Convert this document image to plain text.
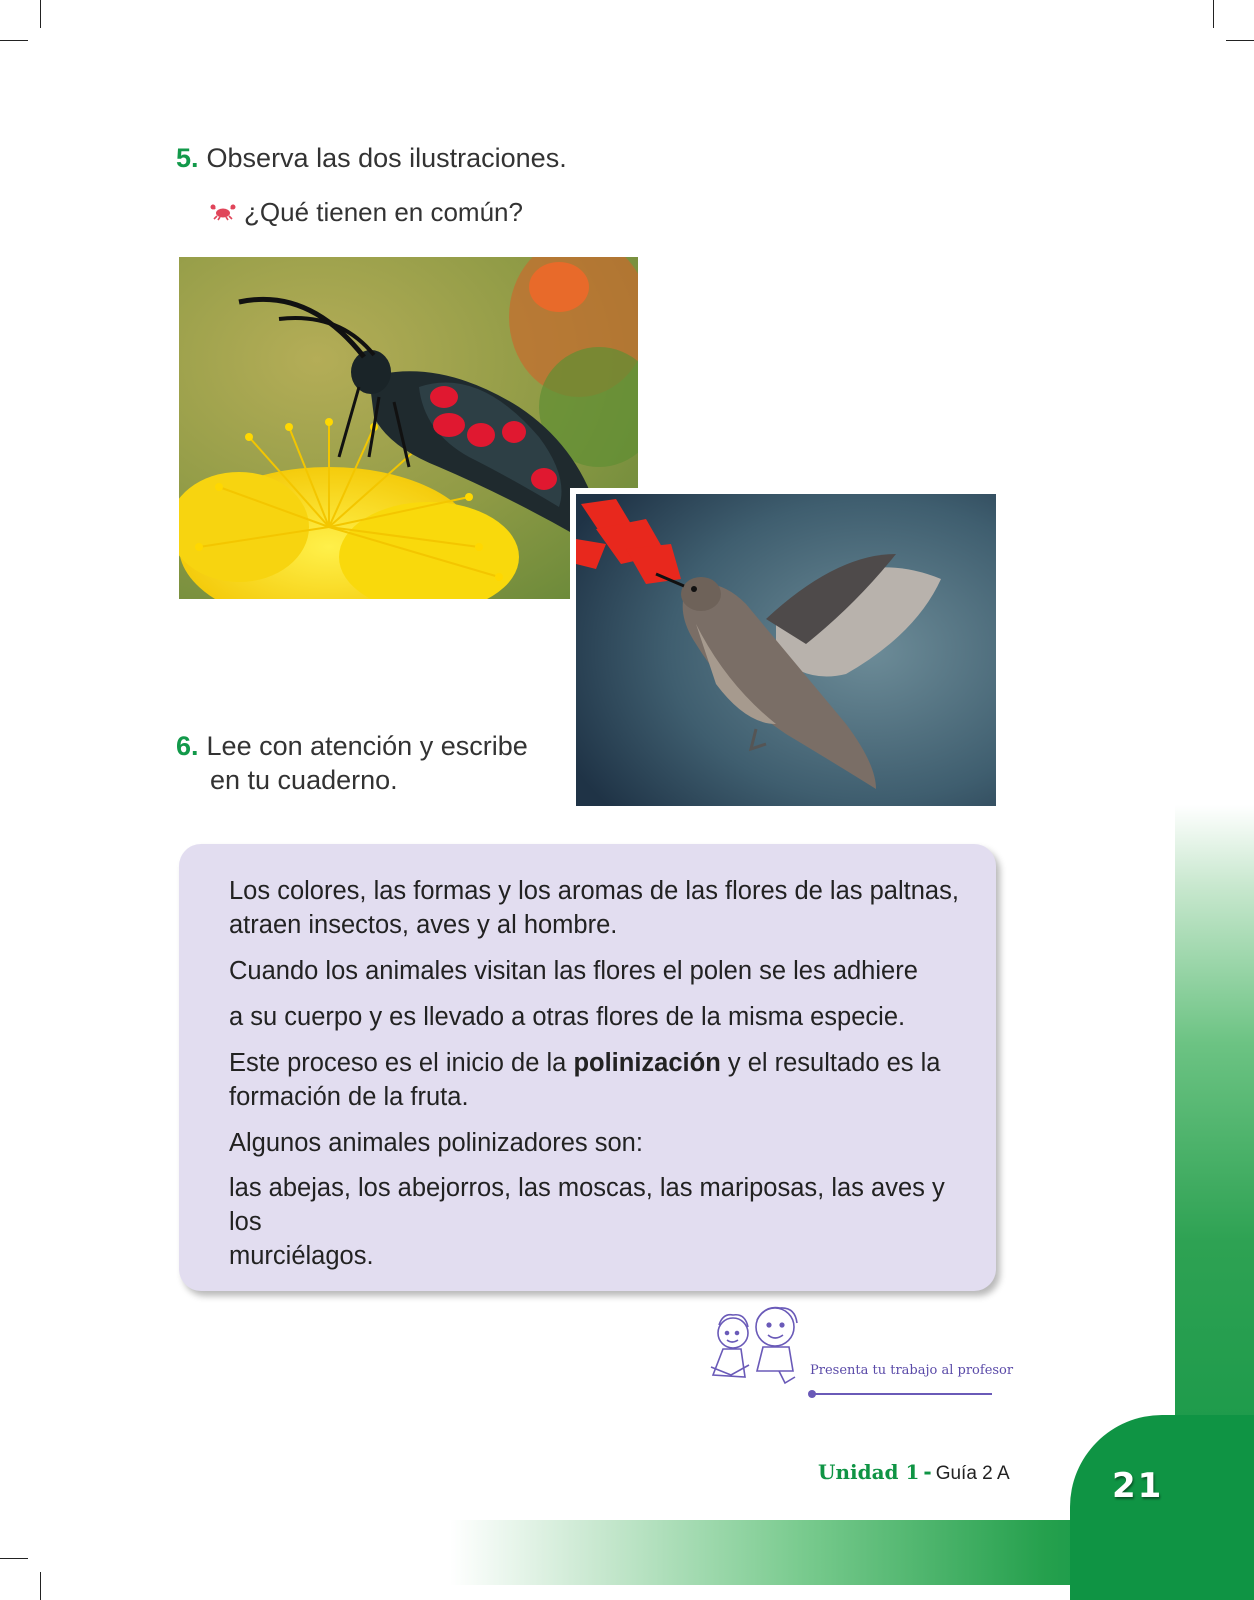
21
5. Observa las dos ilustraciones.
¿Qué tienen en común?
6. Lee con atención y escribe
en tu cuaderno.

Los colores, las formas y los aromas de las flores de las paltnas,
atraen insectos, aves y al hombre.

Cuando los animales visitan las flores el polen se les adhiere

a su cuerpo y es llevado a otras flores de la misma especie.

Este proceso es el inicio de la polinización y el resultado es la
formación de la fruta.

Algunos animales polinizadores son:

las abejas, los abejorros, las moscas, las mariposas, las aves y los
murciélagos.

Presenta tu trabajo al profesor
Unidad 1 - Guía 2 A
